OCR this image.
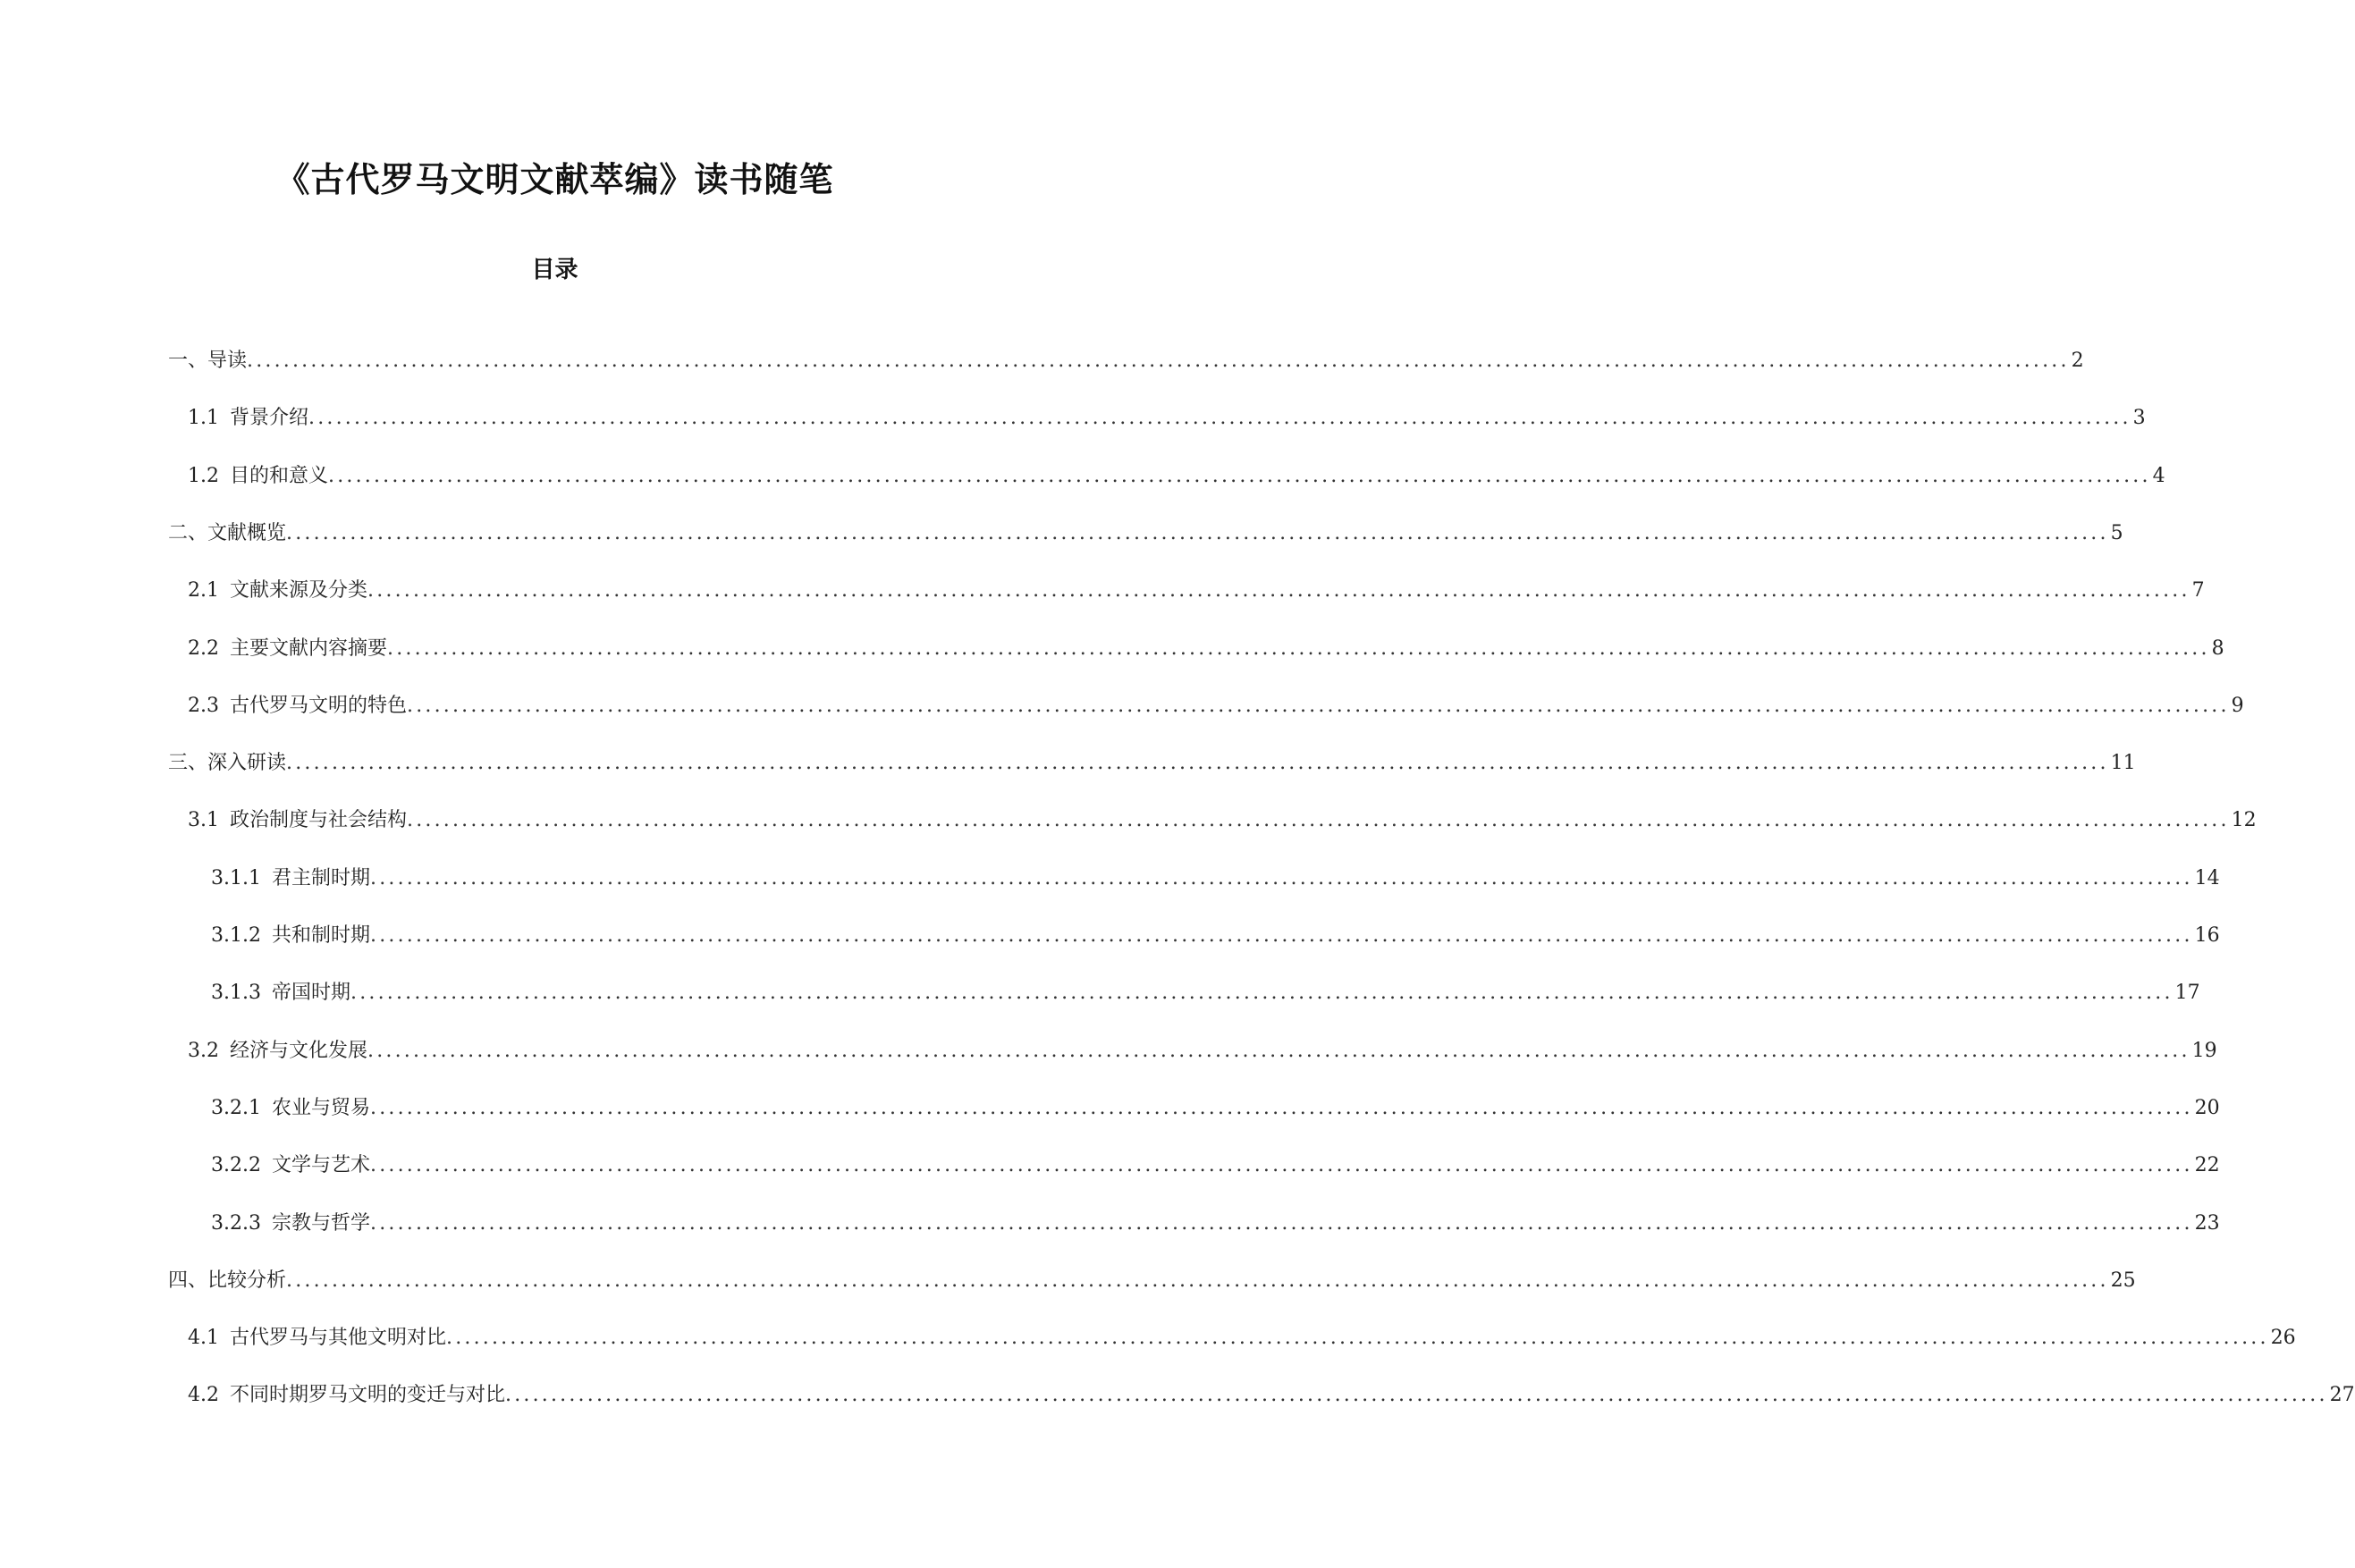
《古代罗马文明文献萃编》读书随笔
目录
一、导读 ........................................................................................................................................................................................................ 2
1.1 背景介绍 ........................................................................................................................................................................................................ 3
1.2 目的和意义 ........................................................................................................................................................................................................ 4
二、文献概览 ........................................................................................................................................................................................................ 5
2.1 文献来源及分类 ........................................................................................................................................................................................................ 7
2.2 主要文献内容摘要 ........................................................................................................................................................................................................ 8
2.3 古代罗马文明的特色 ........................................................................................................................................................................................................ 9
三、深入研读 ........................................................................................................................................................................................................ 11
3.1 政治制度与社会结构 ........................................................................................................................................................................................................ 12
3.1.1 君主制时期 ........................................................................................................................................................................................................ 14
3.1.2 共和制时期 ........................................................................................................................................................................................................ 16
3.1.3 帝国时期 ........................................................................................................................................................................................................ 17
3.2 经济与文化发展 ........................................................................................................................................................................................................ 19
3.2.1 农业与贸易 ........................................................................................................................................................................................................ 20
3.2.2 文学与艺术 ........................................................................................................................................................................................................ 22
3.2.3 宗教与哲学 ........................................................................................................................................................................................................ 23
四、比较分析 ........................................................................................................................................................................................................ 25
4.1 古代罗马与其他文明对比 ........................................................................................................................................................................................................ 26
4.2 不同时期罗马文明的变迁与对比 ........................................................................................................................................................................................................ 27
